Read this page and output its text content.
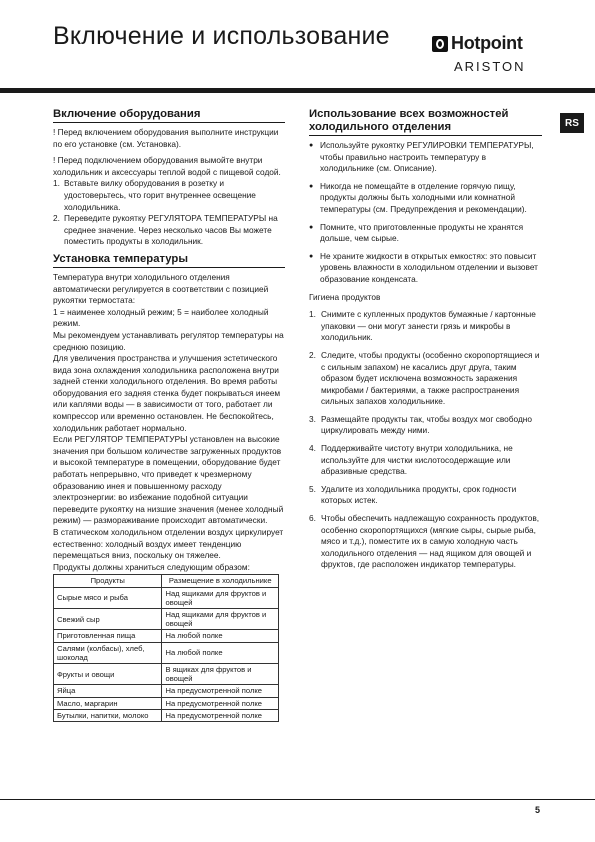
Включение и использование	Hotpoint
ARISTON
RS
Включение оборудования

! Перед включением оборудования выполните инструкции по его установке (см. Установка).

! Перед подключением оборудования вымойте внутри холодильник и аксессуары теплой водой с пищевой содой.

1. Вставьте вилку оборудования в розетку и удостоверьтесь, что горит внутреннее освещение холодильника.
2. Переведите рукоятку РЕГУЛЯТОРА ТЕМПЕРАТУРЫ на среднее значение. Через несколько часов Вы можете поместить продукты в холодильник.
Установка температуры

Температура внутри холодильного отделения автоматически регулируется в соответствии с позицией рукоятки термостата:

1 = наименее холодный режим; 5 = наиболее холодный режим.

Мы рекомендуем устанавливать регулятор температуры на среднюю позицию.

Для увеличения пространства и улучшения эстетического вида зона охлаждения холодильника расположена внутри задней стенки холодильного отделения. Во время работы оборудования его задняя стенка будет покрываться инеем или каплями воды — в зависимости от того, работает ли компрессор или временно остановлен. Не беспокойтесь, холодильник работает нормально.

Если РЕГУЛЯТОР ТЕМПЕРАТУРЫ установлен на высокие значения при большом количестве загруженных продуктов и высокой температуре в помещении, оборудование будет работать непрерывно, что приведет к чрезмерному образованию инея и повышенному расходу электроэнергии: во избежание подобной ситуации переведите рукоятку на низшие значения (менее холодный режим) — размораживание происходит автоматически.

В статическом холодильном отделении воздух циркулирует естественно: холодный воздух имеет тенденцию перемещаться вниз, поскольку он тяжелее.

Продукты должны храниться следующим образом:

Продукты	Размещение в холодильнике
Сырые мясо и рыба	Над ящиками для фруктов и овощей
Свежий сыр	Над ящиками для фруктов и овощей
Приготовленная пища	На любой полке
Салями (колбасы), хлеб, шоколад	На любой полке
Фрукты и овощи	В ящиках для фруктов и овощей
Яйца	На предусмотренной полке
Масло, маргарин	На предусмотренной полке
Бутылки, напитки, молоко	На предусмотренной полке
Использование всех возможностей холодильного отделения
● Используйте рукоятку РЕГУЛИРОВКИ ТЕМПЕРАТУРЫ, чтобы правильно настроить температуру в холодильнике (см. Описание).
● Никогда не помещайте в отделение горячую пищу, продукты должны быть холодными или комнатной температуры (см. Предупреждения и рекомендации).
● Помните, что приготовленные продукты не хранятся дольше, чем сырые.
● Не храните жидкости в открытых емкостях: это повысит уровень влажности в холодильном отделении и вызовет образование конденсата.

Гигиена продуктов

1. Снимите с купленных продуктов бумажные / картонные упаковки — они могут занести грязь и микробы в холодильник.
2. Следите, чтобы продукты (особенно скоропортящиеся и с сильным запахом) не касались друг друга, таким образом будет исключена возможность заражения микробами / бактериями, а также распространения сильных запахов холодильнике.
3. Размещайте продукты так, чтобы воздух мог свободно циркулировать между ними.
4. Поддерживайте чистоту внутри холодильника, не используйте для чистки кислотосодержащие или абразивные средства.
5. Удалите из холодильника продукты, срок годности которых истек.
6. Чтобы обеспечить надлежащую сохранность продуктов, особенно скоропортящихся (мягкие сыры, сырые рыба, мясо и т.д.), поместите их в самую холодную часть холодильного отделения — над ящиком для овощей и фруктов, где расположен индикатор температуры.
5
